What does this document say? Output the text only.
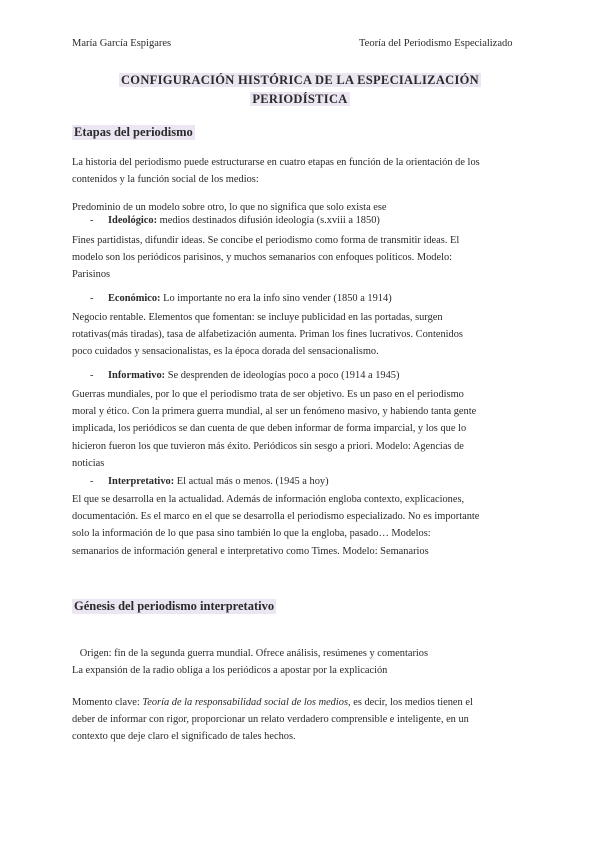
María García Espigares	Teoría del Periodismo Especializado
CONFIGURACIÓN HISTÓRICA DE LA ESPECIALIZACIÓN
PERIODÍSTICA
Etapas del periodismo
La historia del periodismo puede estructurarse en cuatro etapas en función de la orientación de los
contenidos y la función social de los medios:
Predominio de un modelo sobre otro, lo que no significa que solo exista ese
- Ideológico: medios destinados difusión ideología (s.xviii a 1850)
Fines partidistas, difundir ideas. Se concibe el periodismo como forma de transmitir ideas. El
modelo son los periódicos parisinos, y muchos semanarios con enfoques políticos. Modelo:
Parisinos
- Económico: Lo importante no era la info sino vender (1850 a 1914)
Negocio rentable. Elementos que fomentan: se incluye publicidad en las portadas, surgen
rotativas(más tiradas), tasa de alfabetización aumenta. Priman los fines lucrativos. Contenidos
poco cuidados y sensacionalistas, es la época dorada del sensacionalismo.
- Informativo: Se desprenden de ideologías poco a poco (1914 a 1945)
Guerras mundiales, por lo que el periodismo trata de ser objetivo. Es un paso en el periodismo
moral y ético. Con la primera guerra mundial, al ser un fenómeno masivo, y habiendo tanta gente
implicada, los periódicos se dan cuenta de que deben informar de forma imparcial, y los que lo
hicieron fueron los que tuvieron más éxito. Periódicos sin sesgo a priori. Modelo: Agencias de
noticias
- Interpretativo: El actual más o menos. (1945 a hoy)
El que se desarrolla en la actualidad. Además de información engloba contexto, explicaciones,
documentación. Es el marco en el que se desarrolla el periodismo especializado. No es importante
solo la información de lo que pasa sino también lo que la engloba, pasado… Modelos:
semanarios de información general e interpretativo como Times. Modelo: Semanarios
Génesis del periodismo interpretativo
Origen: fin de la segunda guerra mundial. Ofrece análisis, resúmenes y comentarios
La expansión de la radio obliga a los periódicos a apostar por la explicación
Momento clave: Teoría de la responsabilidad social de los medios, es decir, los medios tienen el
deber de informar con rigor, proporcionar un relato verdadero comprensible e inteligente, en un
contexto que deje claro el significado de tales hechos.
